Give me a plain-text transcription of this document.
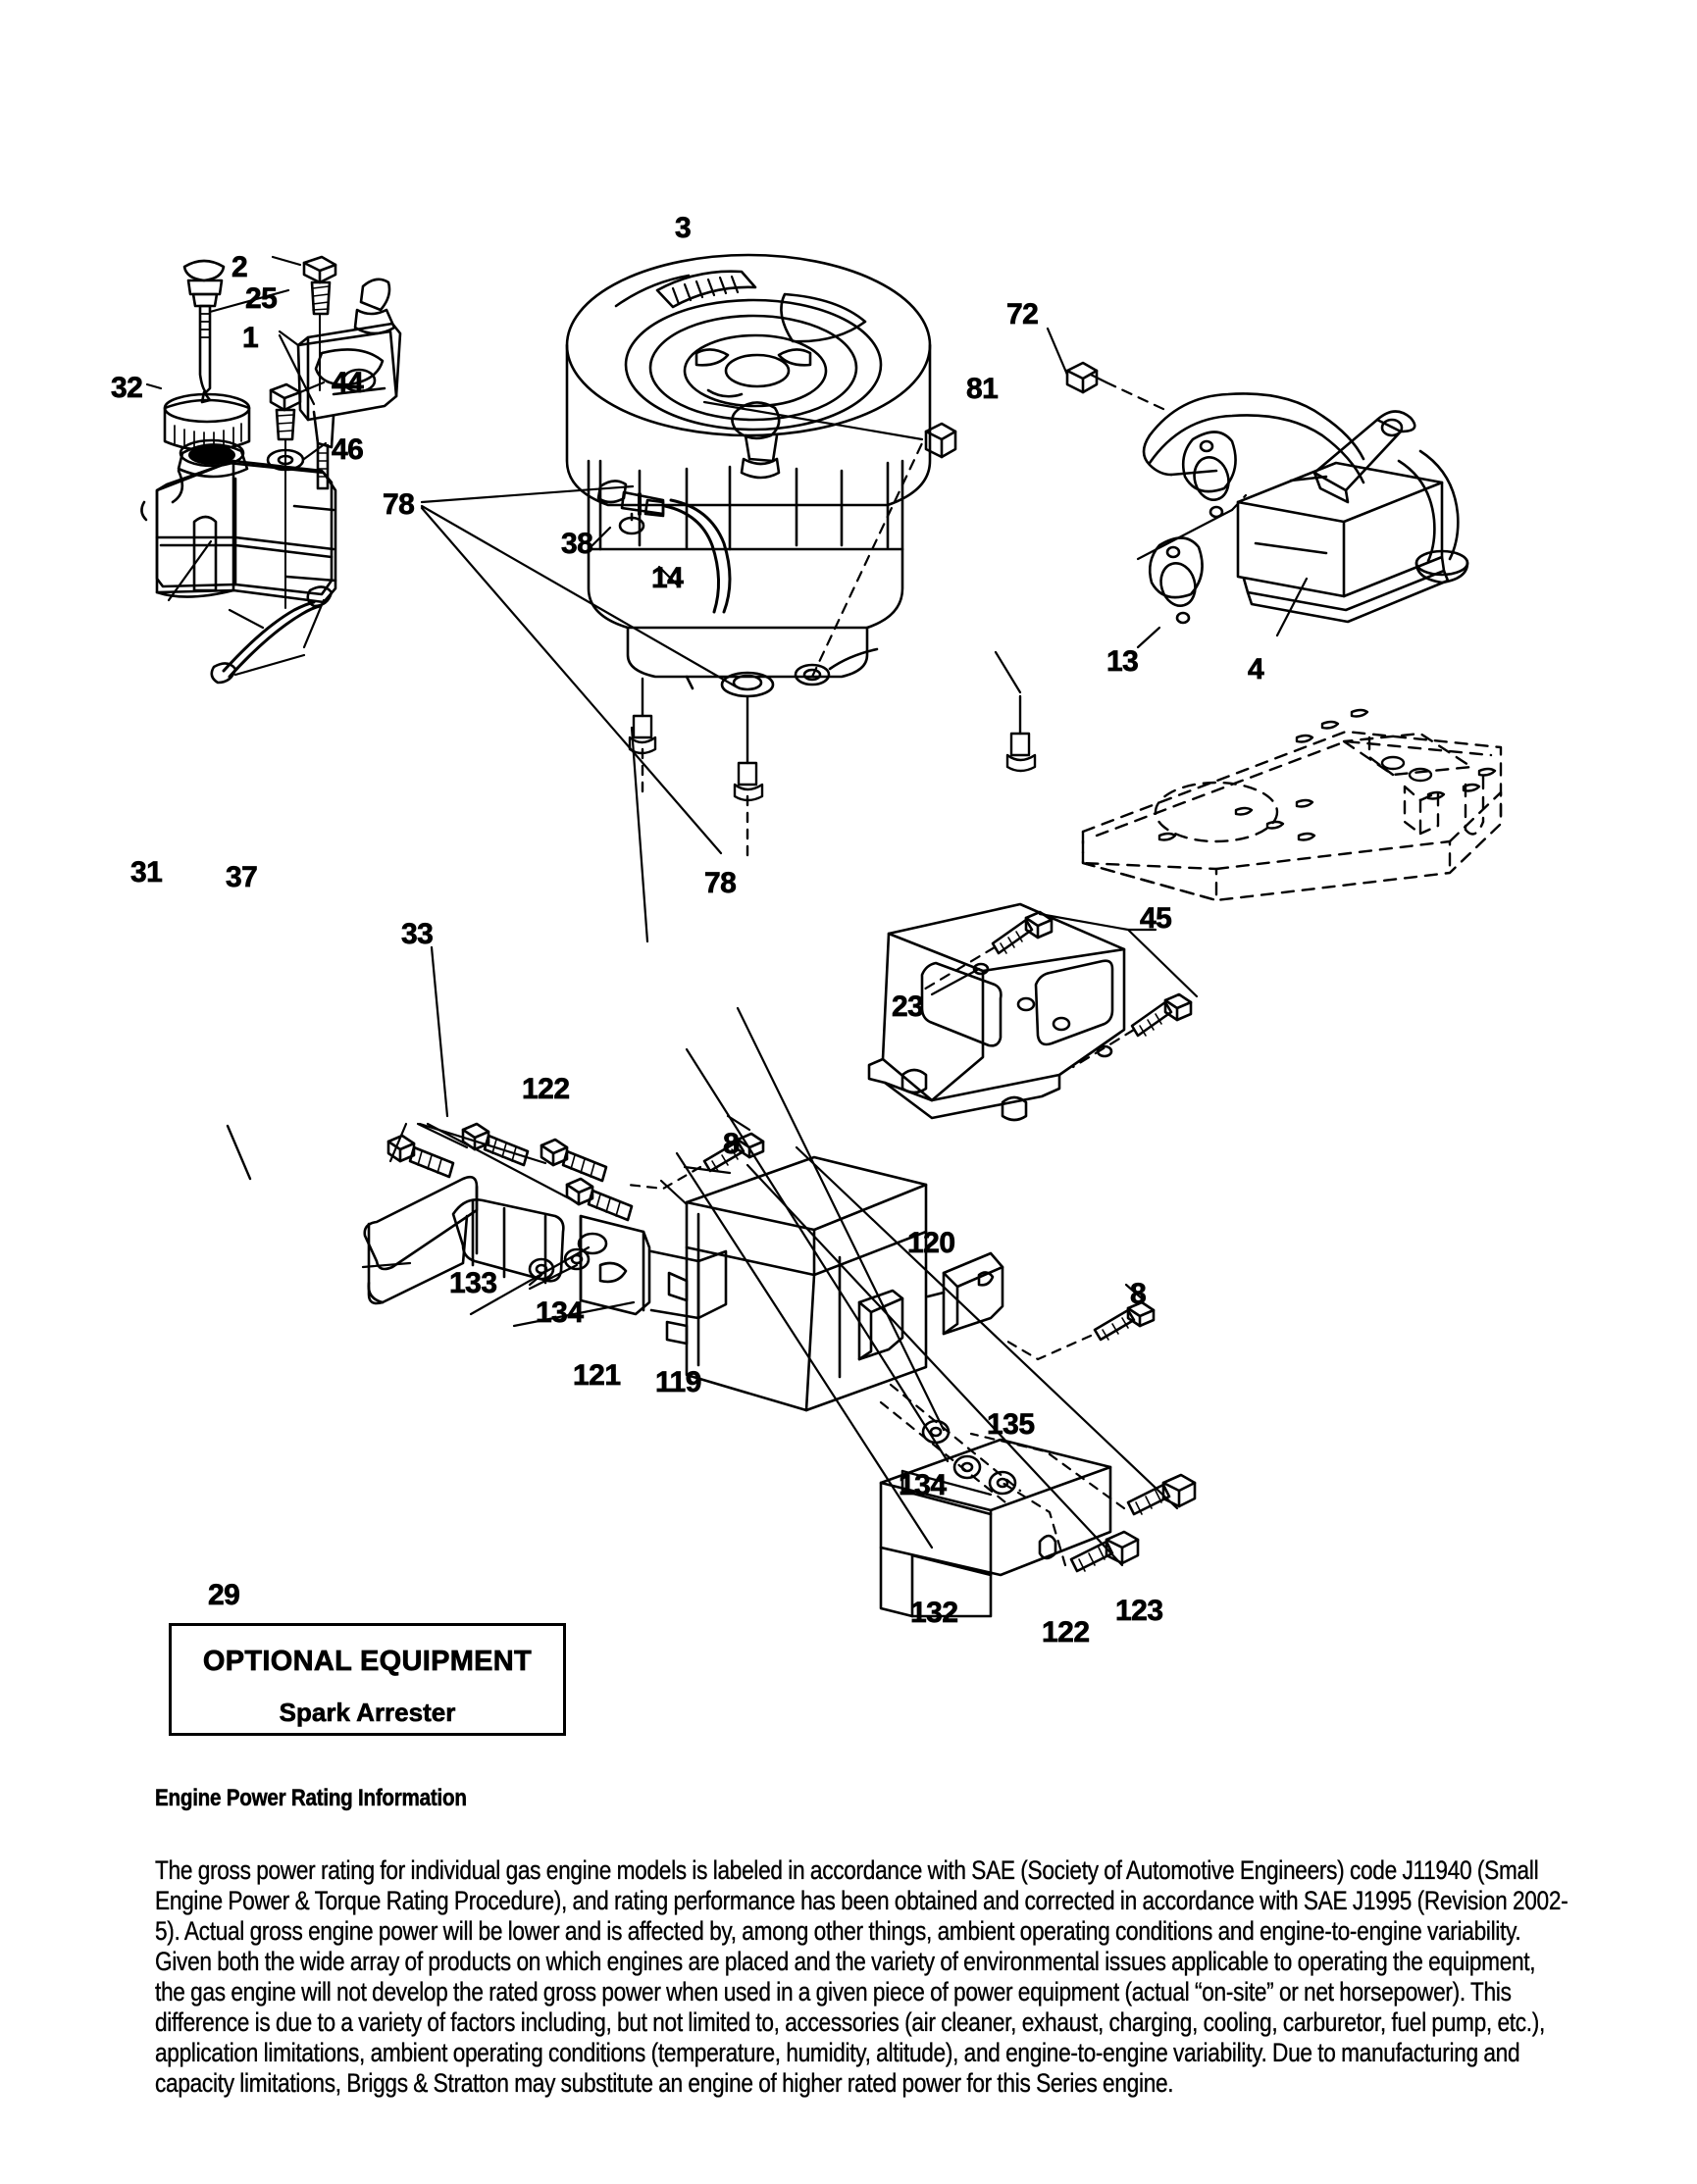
2
25
1
3
32	44
46
72
81
13	4
78
38
14
31 37
33
78
45
23
122
8
120
8
133
134
121 119
135
134
132
122
123
29
OPTIONAL EQUIPMENT
Spark Arrester
Engine Power Rating Information

The gross power rating for individual gas engine models is labeled in accordance with SAE (Society of Automotive Engineers) code J11940 (Small Engine Power & Torque Rating Procedure), and rating performance has been obtained and corrected in accordance with SAE J1995 (Revision 2002-5). Actual gross engine power will be lower and is affected by, among other things, ambient operating conditions and engine-to-engine variability. Given both the wide array of products on which engines are placed and the variety of environmental issues applicable to operating the equipment, the gas engine will not develop the rated gross power when used in a given piece of power equipment (actual “on-site” or net horsepower). This difference is due to a variety of factors including, but not limited to, accessories (air cleaner, exhaust, charging, cooling, carburetor, fuel pump, etc.), application limitations, ambient operating conditions (temperature, humidity, altitude), and engine-to-engine variability. Due to manufacturing and capacity limitations, Briggs & Stratton may substitute an engine of higher rated power for this Series engine.
